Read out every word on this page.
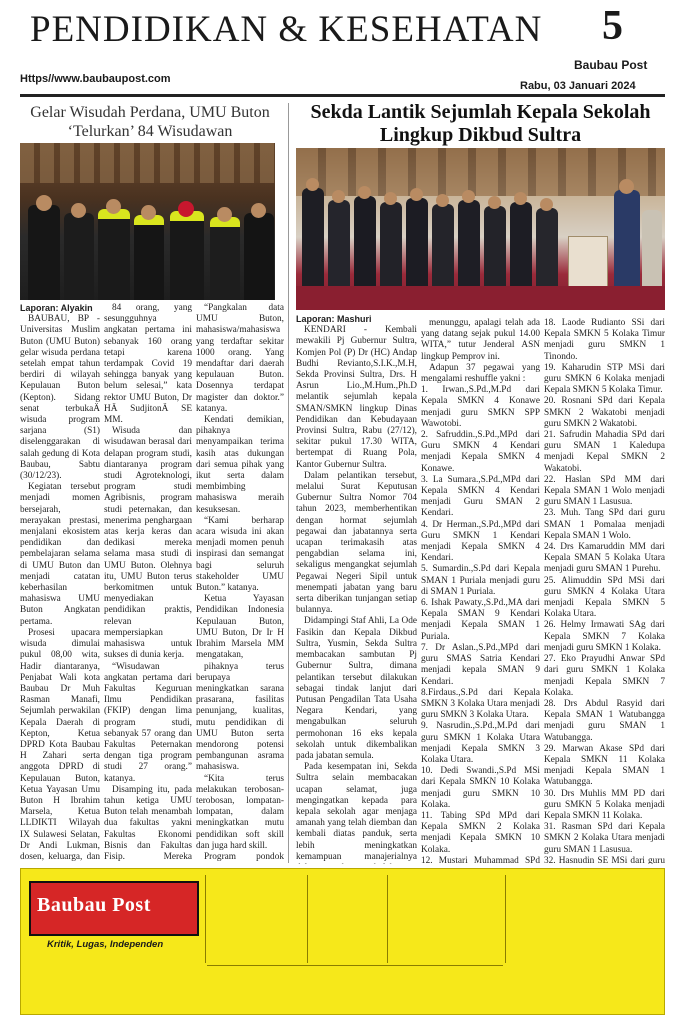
PENDIDIKAN & KESEHATAN 5
Baubau Post
Https//www.baubaupost.com
Rabu, 03 Januari 2024
Gelar Wisudah Perdana, UMU Buton ‘Telurkan’ 84 Wisudawan

Laporan: Alyakin

BAUBAU, BP - Universitas Muslim Buton (UMU Buton) gelar wisuda perdana setelah empat tahun berdiri di wilayah Kepulauan Buton (Kepton). Sidang senat terbukaÄ wisuda program sarjana (S1) diselenggarakan di salah gedung di Kota Baubau, Sabtu (30/12/23).

Kegiatan tersebut menjadi momen bersejarah, merayakan prestasi, menjalani ekosistem pendidikan dan pembelajaran selama di UMU Buton dan menjadi catatan keberhasilan mahasiswa UMU Buton Angkatan pertama.

Prosesi upacara wisuda dimulai pukul 08,00 wita, Hadir diantaranya, Penjabat Wali kota Baubau Dr Muh Rasman Manafi, Sejumlah perwakilan Kepala Daerah di Kepton, Ketua DPRD Kota Baubau H Zahari serta anggota DPRD di Kepulauan Buton, Ketua Yayasan Umu Buton H Ibrahim Marsela, Ketua LLDIKTI Wilayah IX Sulawesi Selatan, Dr Andi Lukman, dosen, keluarga, dan

84 orang, yang sesungguhnya angkatan pertama ini sebanyak 160 orang tetapi karena terdampak Covid 19 sehingga banyak yang belum selesai,” kata rektor UMU Buton, Dr HÄ SudjitonÄ SE MM.

Wisuda dan wisudawan berasal dari delapan program studi, diantaranya program studi Agroteknologi, program studi Agribisnis, program studi peternakan, dan menerima penghargaan atas kerja keras dan dedikasi mereka selama masa studi di UMU Buton. Olehnya itu, UMU Buton terus berkomitmen untuk menyediakan pendidikan praktis, relevan mempersiapkan mahasiswa untuk sukses di dunia kerja.

“Wisudawan angkatan pertama dari Fakultas Keguruan Ilmu Pendidikan (FKIP) dengan lima program studi, sebanyak 57 orang dan Fakultas Peternakan dengan tiga program studi 27 orang.” katanya.

Disamping itu, pada tahun ketiga UMU Buton telah menambah dua fakultas yakni Fakultas Ekonomi Bisnis dan Fakultas Fisip. Mereka

“Pangkalan data UMU Buton, mahasiswa/mahasiswa yang terdaftar sekitar 1000 orang. Yang mendaftar dari daerah kepulauan Buton. Dosennya terdapat magister dan doktor.” katanya.

Kendati demikian, pihaknya menyampaikan terima kasih atas dukungan dari semua pihak yang ikut serta dalam membimbing mahasiswa meraih kesuksesan.

“Kami berharap acara wisuda ini akan menjadi momen penuh inspirasi dan semangat bagi seluruh stakeholder UMU Buton.” katanya.

Ketua Yayasan Pendidikan Indonesia Kepulauan Buton, UMU Buton, Dr Ir H Ibrahim Marsela MM mengatakan,

pihaknya terus berupaya meningkatkan sarana prasarana, fasilitas penunjang, kualitas, mutu pendidikan di UMU Buton serta mendorong potensi pembangunan asrama mahasiswa.

“Kita terus melakukan terobosan-terobosan, lompatan-lompatan, dalam meningkatkan mutu pendidikan soft skill dan juga hard skill.

Program pondok

Sekda Lantik Sejumlah Kepala Sekolah Lingkup Dikbud Sultra

Laporan: Mashuri

KENDARI - Kembali mewakili Pj Gubernur Sultra, Komjen Pol (P) Dr (HC) Andap Budhi Revianto,S.I.K.,M.H, Sekda Provinsi Sultra, Drs. H Asrun Lio.,M.Hum.,Ph.D melantik sejumlah kepala SMAN/SMKN lingkup Dinas Pendidikan dan Kebudayaan Provinsi Sultra, Rabu (27/12), sekitar pukul 17.30 WITA, bertempat di Ruang Pola, Kantor Gubernur Sultra.

Dalam pelantikan tersebut, melalui Surat Keputusan Gubernur Sultra Nomor 704 tahun 2023, memberhentikan dengan hormat sejumlah pegawai dan jabatannya serta ucapan terimakasih atas pengabdian selama ini, sekaligus mengangkat sejumlah Pegawai Negeri Sipil untuk menempati jabatan yang baru serta diberikan tunjangan setiap bulannya.

Didampingi Staf Ahli, La Ode Fasikin dan Kepala Dikbud Sultra, Yusmin, Sekda Sultra membacakan sambutan Pj Gubernur Sultra, dimana pelantikan tersebut dilakukan sebagai tindak lanjut dari Putusan Pengadilan Tata Usaha Negara Kendari, yang mengabulkan seluruh permohonan 16 eks kepala sekolah untuk dikembalikan pada jabatan semula.

Pada kesempatan ini, Sekda Sultra selain membacakan ucapan selamat, juga mengingatkan kepada para kepala sekolah agar menjaga amanah yang telah diemban dan kembali diatas panduk, serta lebih meningkatkan kemampuan manajerialnya

menunggu, apalagi telah ada yang datang sejak pukul 14.00 WITA,” tutur Jenderal ASN lingkup Pemprov ini.

Adapun 37 pegawai yang mengalami reshuffle yakni :

1. Irwan.,S.Pd.,M.Pd dari Kepala SMKN 4 Konawe menjadi guru SMKN SPP Wawotobi.

2. Safruddin.,S.Pd.,MPd dari Guru SMKN 4 Kendari menjadi Kepala SMKN 4 Konawe.

3. La Sumara.,S.Pd.,MPd dari Kepala SMKN 4 Kendari menjadi Guru SMAN 2 Kendari.

4. Dr Herman.,S.Pd.,MPd dari Guru SMKN 1 Kendari menjadi Kepala SMKN 4 Kendari.

5. Sumardin.,S.Pd dari Kepala SMAN 1 Puriala menjadi guru di SMAN 1 Puriala.

6. Ishak Pawaty.,S.Pd.,MA dari Kepala SMAN 9 Kendari menjadi Kepala SMAN 1 Puriala.

7. Dr Aslan.,S.Pd.,MPd dari guru SMAS Satria Kendari menjadi kepala SMAN 9 Kendari.

8.Firdaus.,S.Pd dari Kepala SMKN 3 Kolaka Utara menjadi guru SMKN 3 Kolaka Utara.

9. Nasrudin.,S.Pd.,M.Pd dari guru SMKN 1 Kolaka Utara menjadi Kepala SMKN 3 Kolaka Utara.

10. Dedi Swandi.,S.Pd MSi dari Kepala SMKN 10 Kolaka menjadi guru SMKN 10 Kolaka.

11. Tabing SPd MPd dari Kepala SMKN 2 Kolaka menjadi Kepala SMKN 10 Kolaka.

12. Mustari Muhammad SPd

18. Laode Rudianto SSi dari Kepala SMKN 5 Kolaka Timur menjadi guru SMKN 1 Tinondo.

19. Kaharudin STP MSi dari guru SMKN 6 Kolaka menjadi Kepala SMKN 5 Kolaka Timur.

20. Rosnani SPd dari Kepala SMKN 2 Wakatobi menjadi guru SMKN 2 Wakatobi.

21. Safrudin Mahadia SPd dari guru SMAN 1 Kaledupa menjadi Kepal SMKN 2 Wakatobi.

22. Haslan SPd MM dari Kepala SMAN 1 Wolo menjadi guru SMAN 1 Lasusua.

23. Muh. Tang SPd dari guru SMAN 1 Pomalaa menjadi Kepala SMAN 1 Wolo.

24. Drs Kamaruddin MM dari Kepala SMAN 5 Kolaka Utara menjadi guru SMAN 1 Purehu.

25. Alimuddin SPd MSi dari guru SMKN 4 Kolaka Utara menjadi Kepala SMKN 5 Kolaka Utara.

26. Helmy Irmawati SAg dari Kepala SMKN 7 Kolaka menjadi guru SMKN 1 Kolaka.

27. Eko Prayudhi Anwar SPd dari guru SMKN 1 Kolaka menjadi Kepala SMKN 7 Kolaka.

28. Drs Abdul Rasyid dari Kepala SMAN 1 Watubangga menjadi guru SMAN 1 Watubangga.

29. Marwan Akase SPd dari Kepala SMKN 11 Kolaka menjadi Kepala SMAN 1 Watubangga.

30. Drs Muhlis MM PD dari guru SMKN 5 Kolaka menjadi Kepala SMKN 11 Kolaka.

31. Rasman SPd dari Kepala SMKN 2 Kolaka Utara menjadi guru SMAN 1 Lasusua.

32. Hasnudin SE MSi dari guru

Baubau Post
Kritik, Lugas, Independen
